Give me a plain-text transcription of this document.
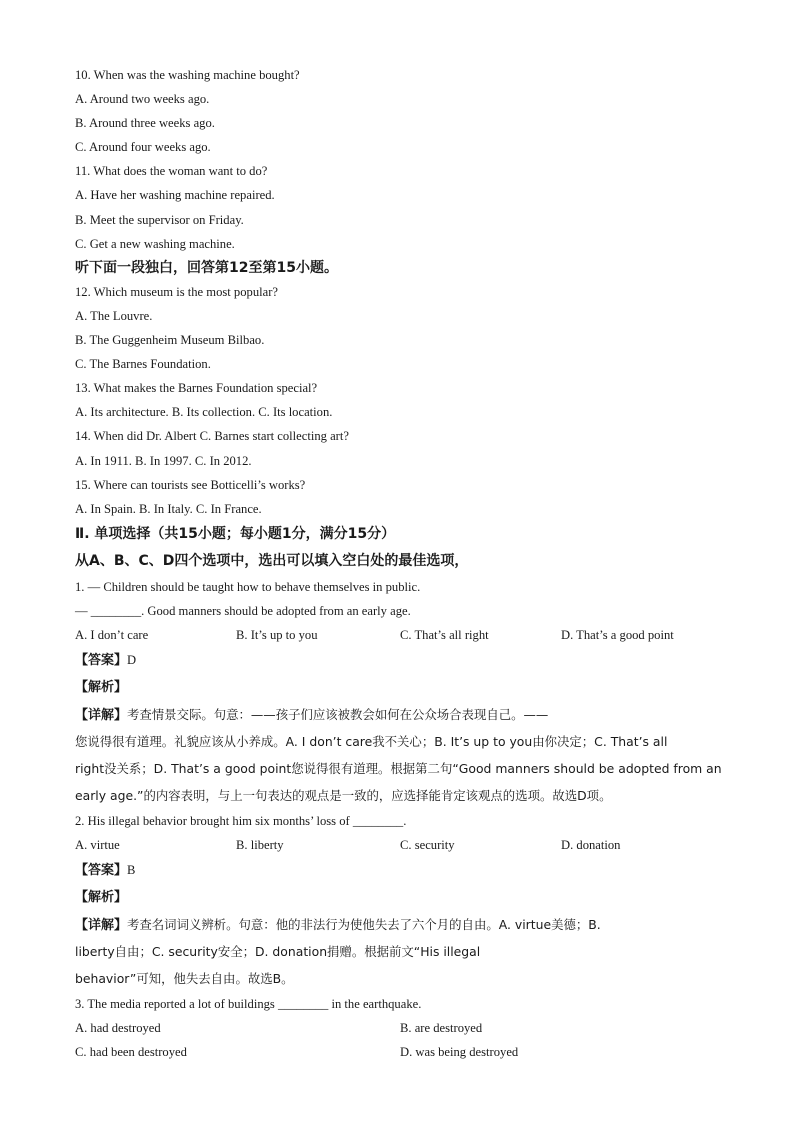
10. When was the washing machine bought?
A. Around two weeks ago.
B. Around three weeks ago.
C. Around four weeks ago.
11. What does the woman want to do?
A. Have her washing machine repaired.
B. Meet the supervisor on Friday.
C. Get a new washing machine.
听下面一段独白，回答第12至第15小题。
12. Which museum is the most popular?
A. The Louvre.
B. The Guggenheim Museum Bilbao.
C. The Barnes Foundation.
13. What makes the Barnes Foundation special?
A. Its architecture. B. Its collection. C. Its location.
14. When did Dr. Albert C. Barnes start collecting art?
A. In 1911. B. In 1997. C. In 2012.
15. Where can tourists see Botticelli’s works?
A. In Spain. B. In Italy. C. In France.
Ⅱ. 单项选择（共15小题；每小题1分，满分15分）
从A、B、C、D四个选项中，选出可以填入空白处的最佳选项，
1. — Children should be taught how to behave themselves in public.
— ________. Good manners should be adopted from an early age.
A. I don’t care	B. It’s up to you	C. That’s all right	D. That’s a good point
【答案】D
【解析】
【详解】考查情景交际。句意：——孩子们应该被教会如何在公众场合表现自己。——
您说得很有道理。礼貌应该从小养成。A. I don’t care我不关心；B. It’s up to you由你决定；C. That’s all
right没关系；D. That’s a good point您说得很有道理。根据第二句“Good manners should be adopted from an
early age.”的内容表明，与上一句表达的观点是一致的，应选择能肯定该观点的选项。故选D项。
2. His illegal behavior brought him six months’ loss of ________.
A. virtue	B. liberty	C. security	D. donation
【答案】B
【解析】
【详解】考查名词词义辨析。句意：他的非法行为使他失去了六个月的自由。A. virtue美德；B.
liberty自由；C. security安全；D. donation捐赠。根据前文“His illegal
behavior”可知，他失去自由。故选B。
3. The media reported a lot of buildings ________ in the earthquake.
A. had destroyed	B. are destroyed
C. had been destroyed	D. was being destroyed
